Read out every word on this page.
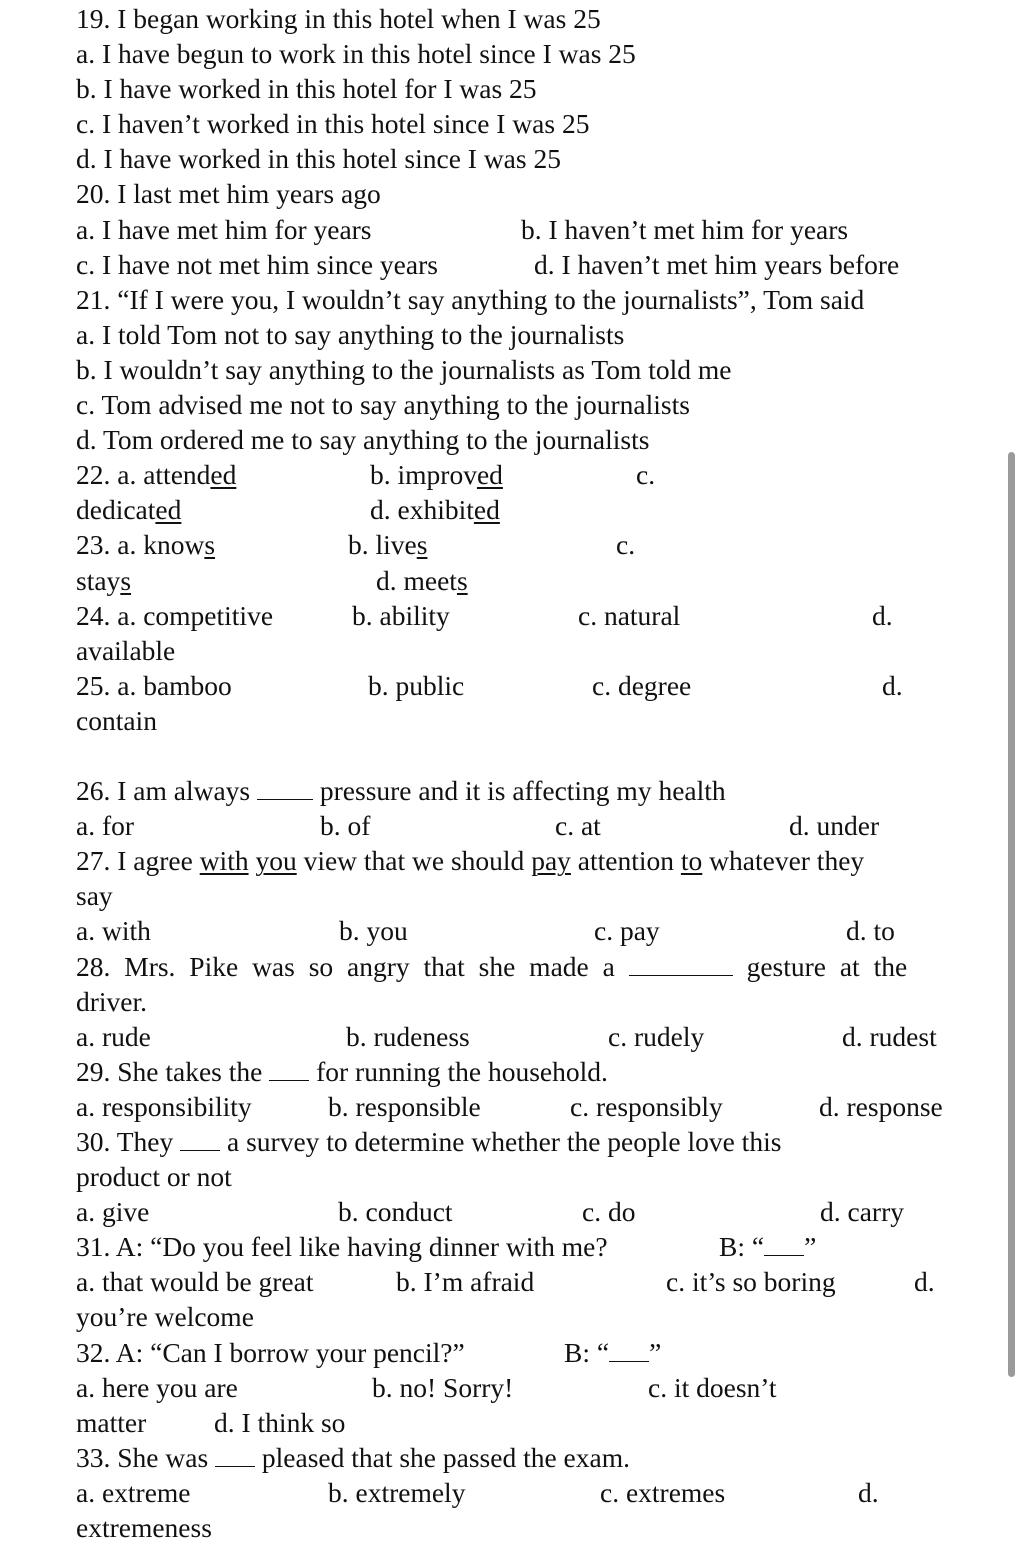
19. I began working in this hotel when I was 25
a. I have begun to work in this hotel since I was 25
b. I have worked in this hotel for I was 25
c. I haven’t worked in this hotel since I was 25
d. I have worked in this hotel since I was 25
20. I last met him years ago
a. I have met him for years	b. I haven’t met him for years
c. I have not met him since years	d. I haven’t met him years before
21. “If I were you, I wouldn’t say anything to the journalists”, Tom said
a. I told Tom not to say anything to the journalists
b. I wouldn’t say anything to the journalists as Tom told me
c. Tom advised me not to say anything to the journalists
d. Tom ordered me to say anything to the journalists
22. a. attended	b. improved	c.
dedicated	d. exhibited
23. a. knows	b. lives	c.
stays	d. meets
24. a. competitive	b. ability	c. natural	d.
available
25. a. bamboo	b. public	c. degree	d.
contain
26. I am always	pressure and it is affecting my health
a. for	b. of	c. at	d. under
27. I agree with you view that we should pay attention to whatever they
say
a. with	b. you	c. pay	d. to
28. Mrs. Pike was so angry that she made a	gesture at the
driver.
a. rude	b. rudeness	c. rudely	d. rudest
29. She takes the for running the household.
a. responsibility	b. responsible	c. responsibly	d. response
30. They a survey to determine whether the people love this
product or not
a. give	b. conduct	c. do	d. carry
31. A: “Do you feel like having dinner with me?	B: “ ”
a. that would be great	b. I’m afraid	c. it’s so boring	d.
you’re welcome
32. A: “Can I borrow your pencil?”	B: “ ”
a. here you are	b. no! Sorry!	c. it doesn’t
matter d. I think so
33. She was pleased that she passed the exam.
a. extreme	b. extremely	c. extremes	d.
extremeness
